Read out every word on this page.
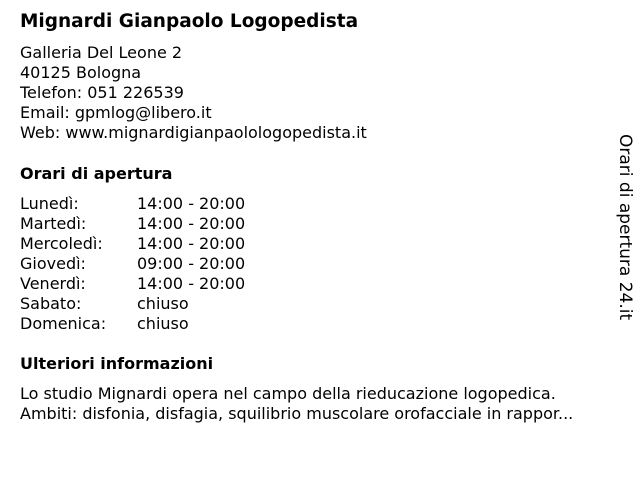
Mignardi Gianpaolo Logopedista
Galleria Del Leone 2
40125 Bologna
Telefon: 051 226539
Email: gpmlog@libero.it
Web: www.mignardigianpaolologopedista.it
Orari di apertura
Lunedì:	14:00 - 20:00
Martedì:	14:00 - 20:00
Mercoledì: 14:00 - 20:00
Giovedì:	09:00 - 20:00
Venerdì:	14:00 - 20:00
Sabato:	chiuso
Domenica: chiuso
Ulteriori informazioni
Lo studio Mignardi opera nel campo della rieducazione logopedica.
Ambiti: disfonia, disfagia, squilibrio muscolare orofacciale in rappor...
Orari di apertura 24.it
